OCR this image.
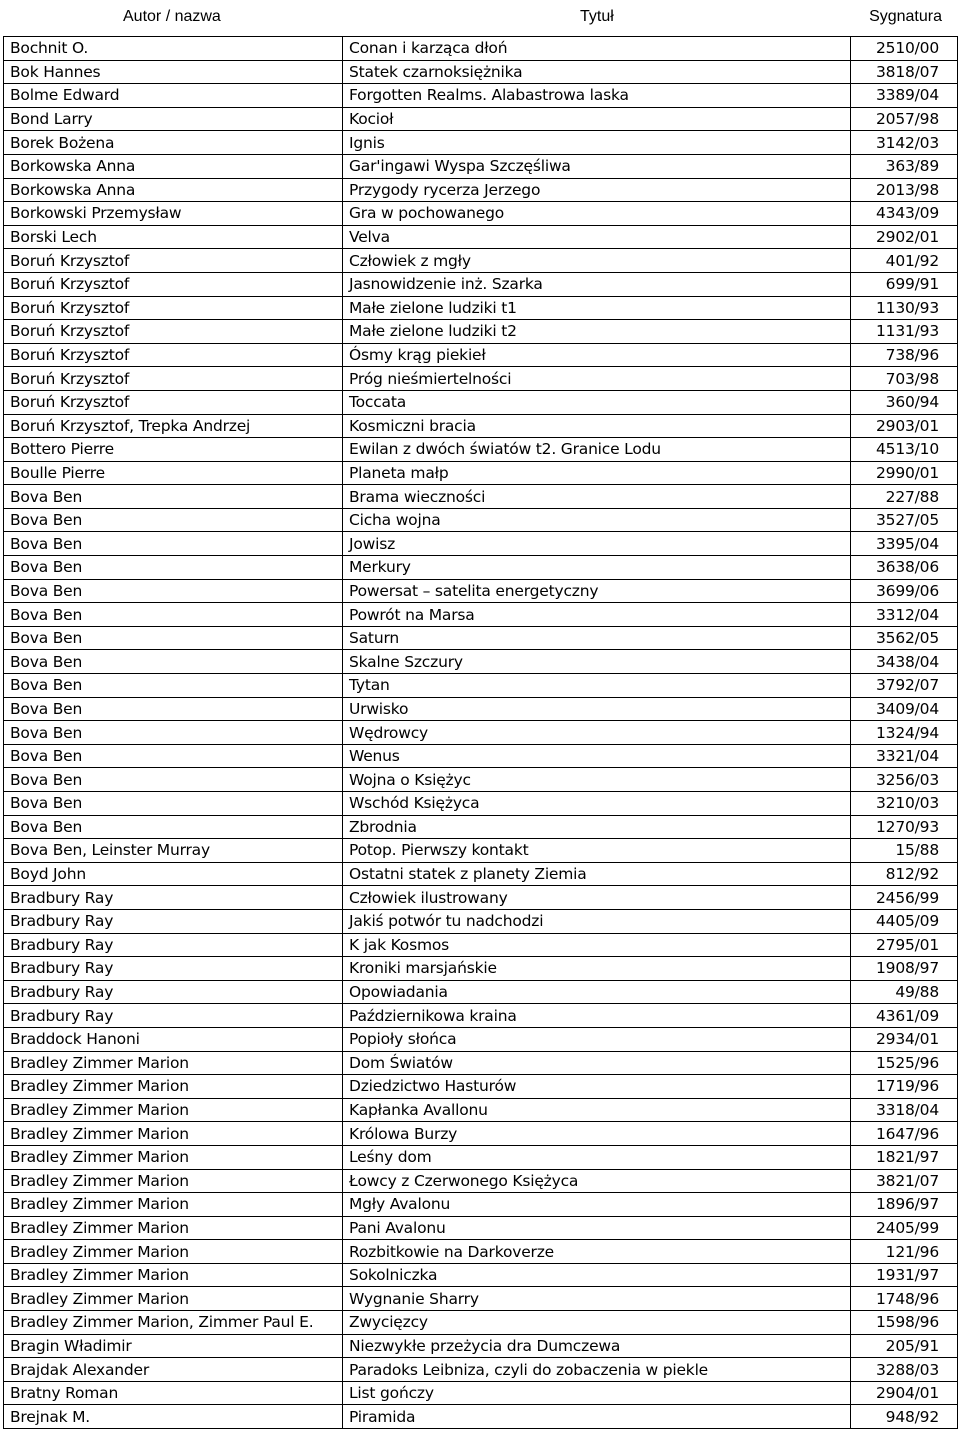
Autor / nazwa	Tytuł	Sygnatura
Bochnit O.	Conan i karząca dłoń	2510/00
Bok Hannes	Statek czarnoksiężnika	3818/07
Bolme Edward	Forgotten Realms. Alabastrowa laska	3389/04
Bond Larry	Kocioł	2057/98
Borek Bożena	Ignis	3142/03
Borkowska Anna	Gar'ingawi Wyspa Szczęśliwa	363/89
Borkowska Anna	Przygody rycerza Jerzego	2013/98
Borkowski Przemysław	Gra w pochowanego	4343/09
Borski Lech	Velva	2902/01
Boruń Krzysztof	Człowiek z mgły	401/92
Boruń Krzysztof	Jasnowidzenie inż. Szarka	699/91
Boruń Krzysztof	Małe zielone ludziki t1	1130/93
Boruń Krzysztof	Małe zielone ludziki t2	1131/93
Boruń Krzysztof	Ósmy krąg piekieł	738/96
Boruń Krzysztof	Próg nieśmiertelności	703/98
Boruń Krzysztof	Toccata	360/94
Boruń Krzysztof, Trepka Andrzej	Kosmiczni bracia	2903/01
Bottero Pierre	Ewilan z dwóch światów t2. Granice Lodu	4513/10
Boulle Pierre	Planeta małp	2990/01
Bova Ben	Brama wieczności	227/88
Bova Ben	Cicha wojna	3527/05
Bova Ben	Jowisz	3395/04
Bova Ben	Merkury	3638/06
Bova Ben	Powersat – satelita energetyczny	3699/06
Bova Ben	Powrót na Marsa	3312/04
Bova Ben	Saturn	3562/05
Bova Ben	Skalne Szczury	3438/04
Bova Ben	Tytan	3792/07
Bova Ben	Urwisko	3409/04
Bova Ben	Wędrowcy	1324/94
Bova Ben	Wenus	3321/04
Bova Ben	Wojna o Księżyc	3256/03
Bova Ben	Wschód Księżyca	3210/03
Bova Ben	Zbrodnia	1270/93
Bova Ben, Leinster Murray	Potop. Pierwszy kontakt	15/88
Boyd John	Ostatni statek z planety Ziemia	812/92
Bradbury Ray	Człowiek ilustrowany	2456/99
Bradbury Ray	Jakiś potwór tu nadchodzi	4405/09
Bradbury Ray	K jak Kosmos	2795/01
Bradbury Ray	Kroniki marsjańskie	1908/97
Bradbury Ray	Opowiadania	49/88
Bradbury Ray	Październikowa kraina	4361/09
Braddock Hanoni	Popioły słońca	2934/01
Bradley Zimmer Marion	Dom Światów	1525/96
Bradley Zimmer Marion	Dziedzictwo Hasturów	1719/96
Bradley Zimmer Marion	Kapłanka Avallonu	3318/04
Bradley Zimmer Marion	Królowa Burzy	1647/96
Bradley Zimmer Marion	Leśny dom	1821/97
Bradley Zimmer Marion	Łowcy z Czerwonego Księżyca	3821/07
Bradley Zimmer Marion	Mgły Avalonu	1896/97
Bradley Zimmer Marion	Pani Avalonu	2405/99
Bradley Zimmer Marion	Rozbitkowie na Darkoverze	121/96
Bradley Zimmer Marion	Sokolniczka	1931/97
Bradley Zimmer Marion	Wygnanie Sharry	1748/96
Bradley Zimmer Marion, Zimmer Paul E.	Zwycięzcy	1598/96
Bragin Władimir	Niezwykłe przeżycia dra Dumczewa	205/91
Brajdak Alexander	Paradoks Leibniza, czyli do zobaczenia w piekle	3288/03
Bratny Roman	List gończy	2904/01
Brejnak M.	Piramida	948/92
